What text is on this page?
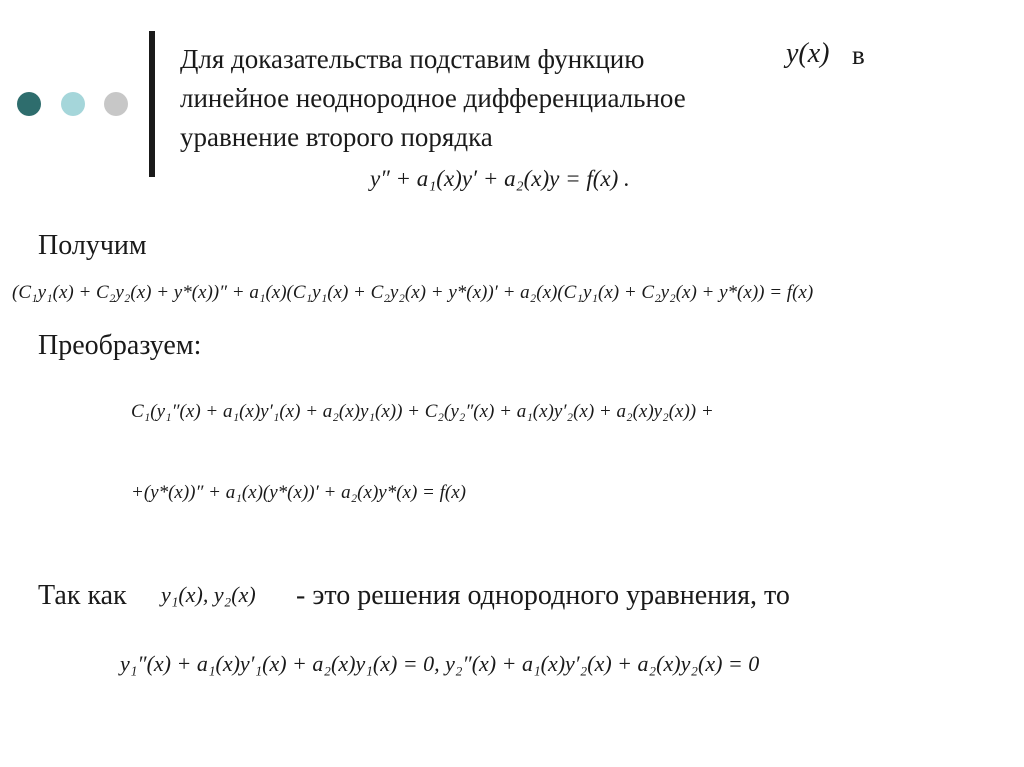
Для доказательства подставим функцию
линейное неоднородное дифференциальное
уравнение второго порядка
y(x) в
y″ + a₁(x)y′ + a₂(x)y = f(x) .
Получим
(C₁y₁(x) + C₂y₂(x) + y*(x))″ + a₁(x)(C₁y₁(x) + C₂y₂(x) + y*(x))′ + a₂(x)(C₁y₁(x) + C₂y₂(x) + y*(x)) = f(x)
Преобразуем:
C₁(y₁″(x) + a₁(x)y′₁(x) + a₂(x)y₁(x)) + C₂(y₂″(x) + a₁(x)y′₂(x) + a₂(x)y₂(x)) +
+(y*(x))″ + a₁(x)(y*(x))′ + a₂(x)y*(x) = f(x)
Так как y₁(x), y₂(x) - это решения однородного уравнения, то
y₁″(x) + a₁(x)y′₁(x) + a₂(x)y₁(x) = 0, y₂″(x) + a₁(x)y′₂(x) + a₂(x)y₂(x) = 0
